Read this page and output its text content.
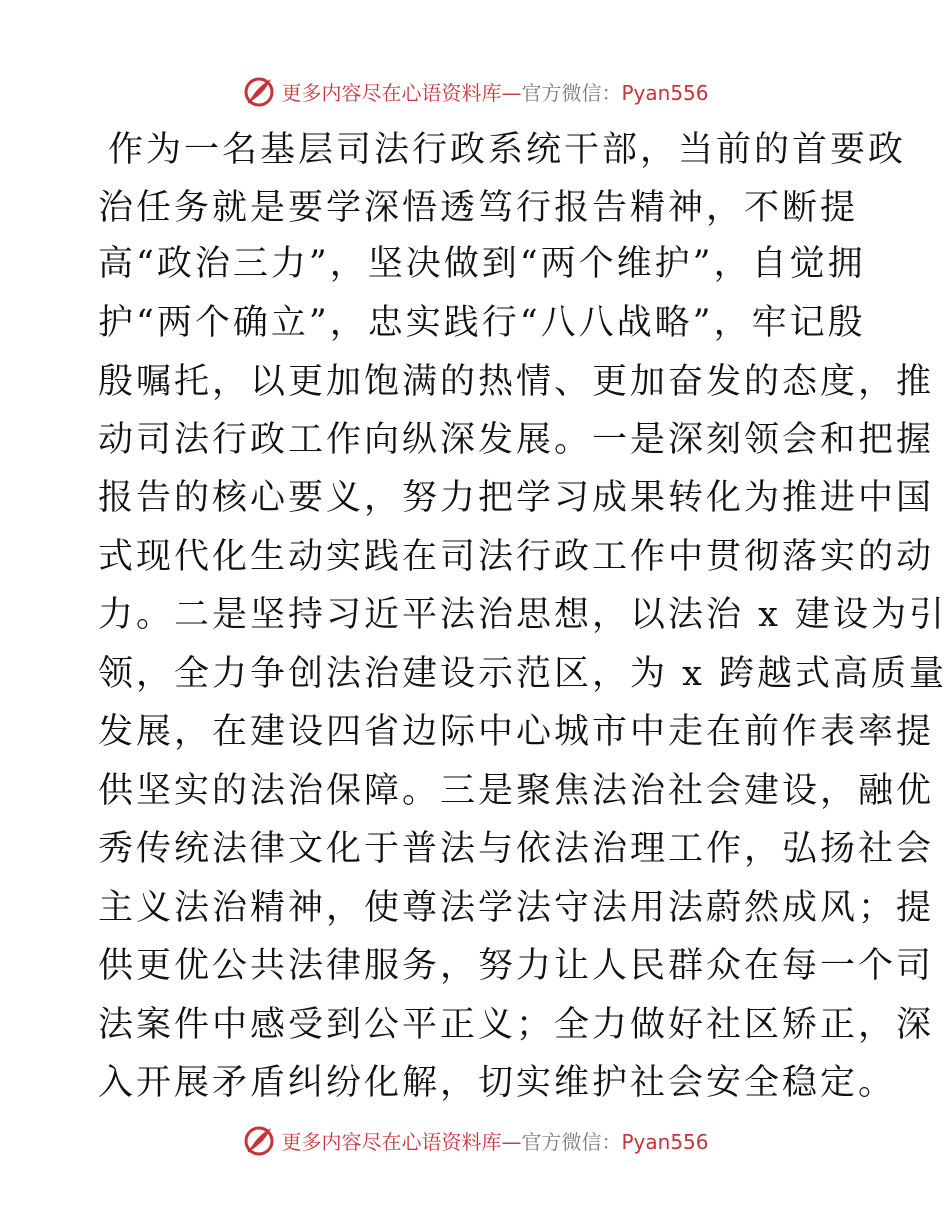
更多内容尽在心语资料库—官方微信：Pyan556
作为一名基层司法行政系统干部，当前的首要政
治任务就是要学深悟透笃行报告精神，不断提
高“政治三力”，坚决做到“两个维护”，自觉拥
护“两个确立”，忠实践行“八八战略”，牢记殷
殷嘱托，以更加饱满的热情、更加奋发的态度，推
动司法行政工作向纵深发展。一是深刻领会和把握
报告的核心要义，努力把学习成果转化为推进中国
式现代化生动实践在司法行政工作中贯彻落实的动
力。二是坚持习近平法治思想，以法治 x 建设为引
领，全力争创法治建设示范区，为 x 跨越式高质量
发展，在建设四省边际中心城市中走在前作表率提
供坚实的法治保障。三是聚焦法治社会建设，融优
秀传统法律文化于普法与依法治理工作，弘扬社会
主义法治精神，使尊法学法守法用法蔚然成风；提
供更优公共法律服务，努力让人民群众在每一个司
法案件中感受到公平正义；全力做好社区矫正，深
入开展矛盾纠纷化解，切实维护社会安全稳定。
更多内容尽在心语资料库—官方微信：Pyan556
